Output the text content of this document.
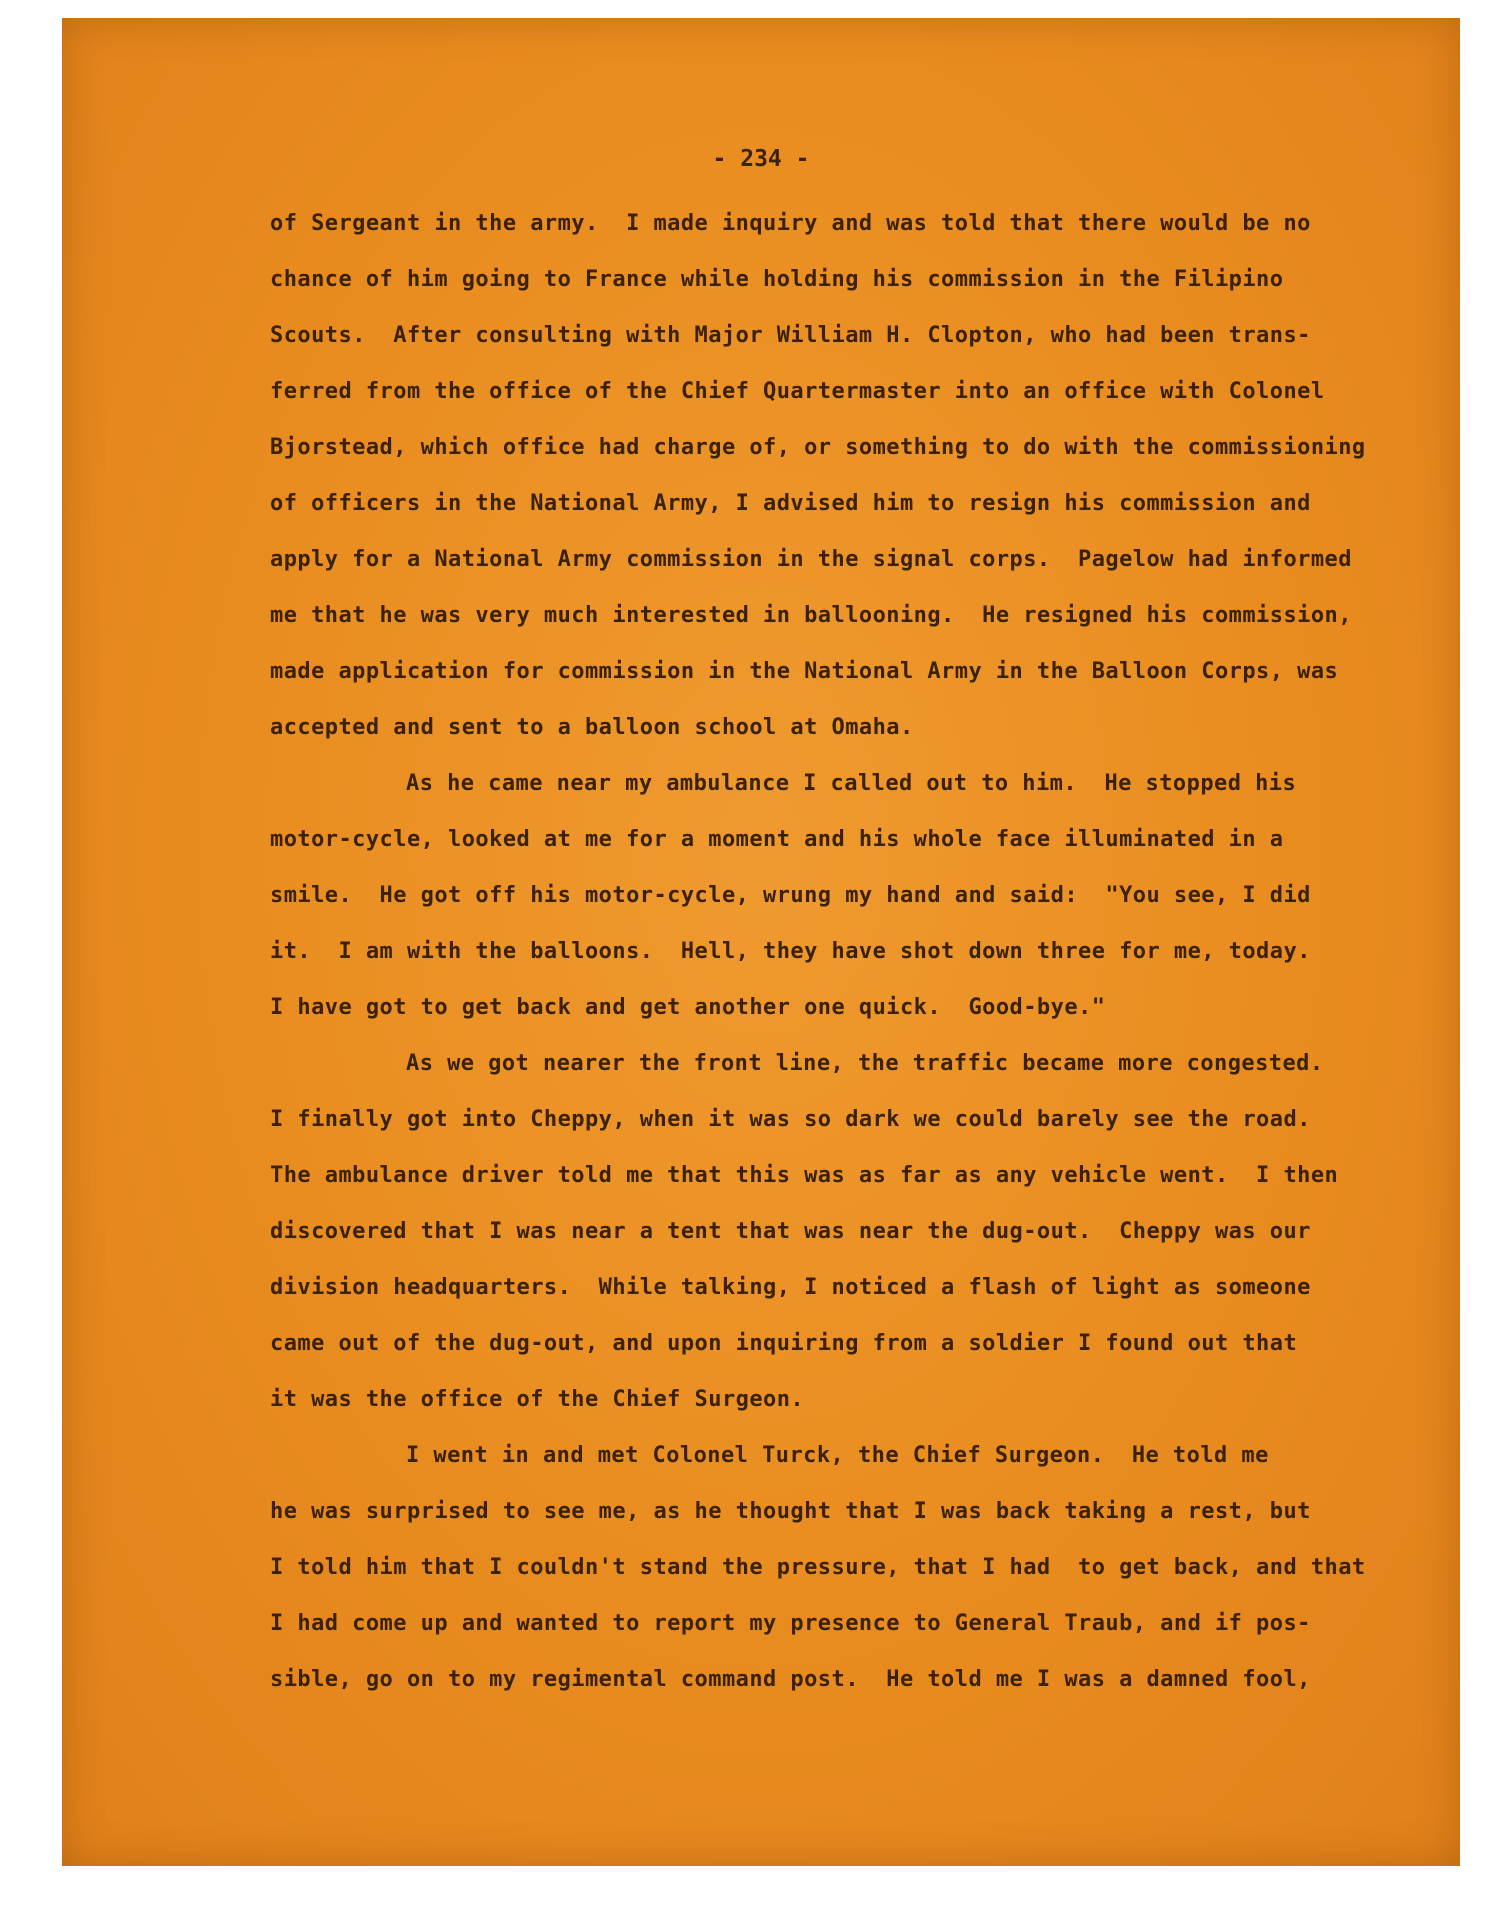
- 234 -
of Sergeant in the army.  I made inquiry and was told that there would be no
chance of him going to France while holding his commission in the Filipino
Scouts.  After consulting with Major William H. Clopton, who had been trans-
ferred from the office of the Chief Quartermaster into an office with Colonel
Bjorstead, which office had charge of, or something to do with the commissioning
of officers in the National Army, I advised him to resign his commission and
apply for a National Army commission in the signal corps.  Pagelow had informed
me that he was very much interested in ballooning.  He resigned his commission,
made application for commission in the National Army in the Balloon Corps, was
accepted and sent to a balloon school at Omaha.
As he came near my ambulance I called out to him.  He stopped his
motor-cycle, looked at me for a moment and his whole face illuminated in a
smile.  He got off his motor-cycle, wrung my hand and said:  "You see, I did
it.  I am with the balloons.  Hell, they have shot down three for me, today.
I have got to get back and get another one quick.  Good-bye."
As we got nearer the front line, the traffic became more congested.
I finally got into Cheppy, when it was so dark we could barely see the road.
The ambulance driver told me that this was as far as any vehicle went.  I then
discovered that I was near a tent that was near the dug-out.  Cheppy was our
division headquarters.  While talking, I noticed a flash of light as someone
came out of the dug-out, and upon inquiring from a soldier I found out that
it was the office of the Chief Surgeon.
I went in and met Colonel Turck, the Chief Surgeon.  He told me
he was surprised to see me, as he thought that I was back taking a rest, but
I told him that I couldn't stand the pressure, that I had  to get back, and that
I had come up and wanted to report my presence to General Traub, and if pos-
sible, go on to my regimental command post.  He told me I was a damned fool,
